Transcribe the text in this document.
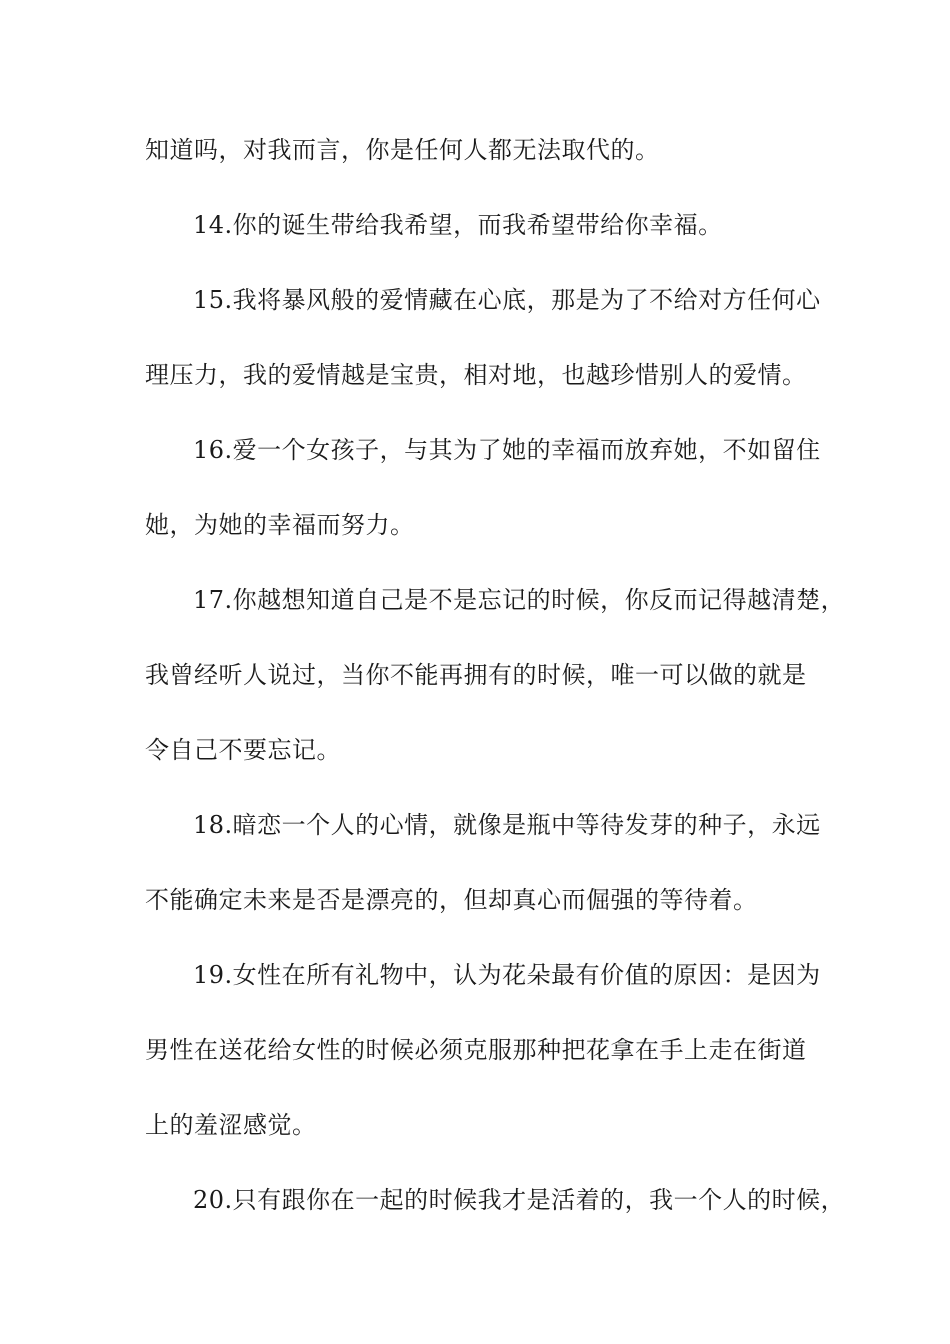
知道吗，对我而言，你是任何人都无法取代的。
14.你的诞生带给我希望，而我希望带给你幸福。
15.我将暴风般的爱情藏在心底，那是为了不给对方任何心
理压力，我的爱情越是宝贵，相对地，也越珍惜别人的爱情。
16.爱一个女孩子，与其为了她的幸福而放弃她，不如留住
她，为她的幸福而努力。
17.你越想知道自己是不是忘记的时候，你反而记得越清楚，
我曾经听人说过，当你不能再拥有的时候，唯一可以做的就是
令自己不要忘记。
18.暗恋一个人的心情，就像是瓶中等待发芽的种子，永远
不能确定未来是否是漂亮的，但却真心而倔强的等待着。
19.女性在所有礼物中，认为花朵最有价值的原因：是因为
男性在送花给女性的时候必须克服那种把花拿在手上走在街道
上的羞涩感觉。
20.只有跟你在一起的时候我才是活着的，我一个人的时候，
